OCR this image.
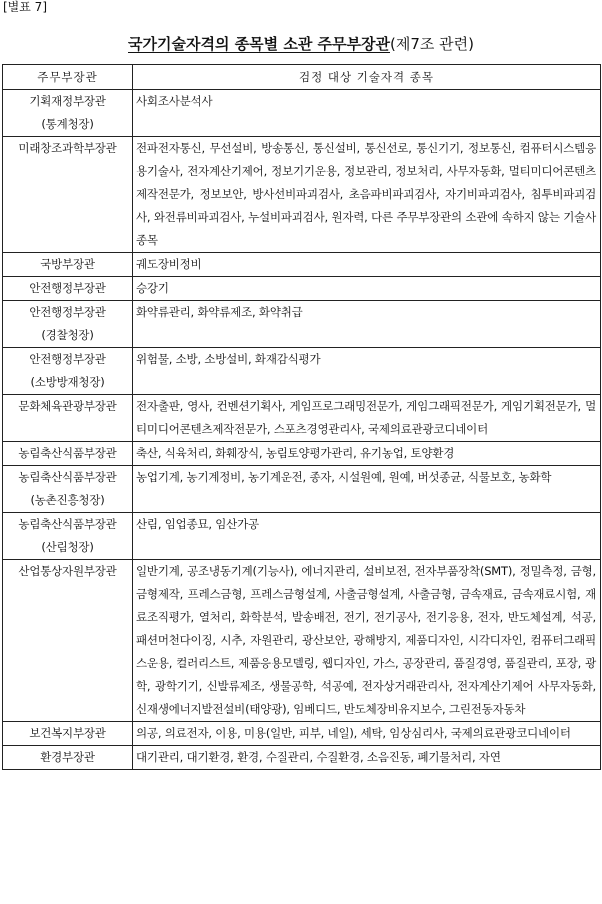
[별표 7]
국가기술자격의 종목별 소관 주무부장관(제7조 관련)
주무부장관	검정 대상 기술자격 종목

기획재정부장관
(통계청장)	사회조사분석사

미래창조과학부장관	전파전자통신, 무선설비, 방송통신, 통신설비, 통신선로, 통신기기, 정보통신, 컴퓨터시스템응용기술사, 전자계산기제어, 정보기기운용, 정보관리, 정보처리, 사무자동화, 멀티미디어콘텐츠제작전문가, 정보보안, 방사선비파괴검사, 초음파비파괴검사, 자기비파괴검사, 침투비파괴검사, 와전류비파괴검사, 누설비파괴검사, 원자력, 다른 주무부장관의 소관에 속하지 않는 기술사 종목

국방부장관	궤도장비정비

안전행정부장관	승강기

안전행정부장관
(경찰청장)	화약류관리, 화약류제조, 화약취급

안전행정부장관
(소방방재청장)	위험물, 소방, 소방설비, 화재감식평가

문화체육관광부장관	전자출판, 영사, 컨벤션기획사, 게임프로그래밍전문가, 게임그래픽전문가, 게임기획전문가, 멀티미디어콘텐츠제작전문가, 스포츠경영관리사, 국제의료관광코디네이터

농림축산식품부장관	축산, 식육처리, 화훼장식, 농림토양평가관리, 유기농업, 토양환경

농림축산식품부장관
(농촌진흥청장)	농업기계, 농기계정비, 농기계운전, 종자, 시설원예, 원예, 버섯종균, 식물보호, 농화학

농림축산식품부장관
(산림청장)	산림, 임업종묘, 임산가공

산업통상자원부장관	일반기계, 공조냉동기계(기능사), 에너지관리, 설비보전, 전자부품장착(SMT), 정밀측정, 금형, 금형제작, 프레스금형, 프레스금형설계, 사출금형설계, 사출금형, 금속재료, 금속재료시험, 재료조직평가, 열처리, 화학분석, 발송배전, 전기, 전기공사, 전기응용, 전자, 반도체설계, 석공, 패션머천다이징, 시추, 자원관리, 광산보안, 광해방지, 제품디자인, 시각디자인, 컴퓨터그래픽스운용, 컬러리스트, 제품응용모델링, 웹디자인, 가스, 공장관리, 품질경영, 품질관리, 포장, 광학, 광학기기, 신발류제조, 생물공학, 석공예, 전자상거래관리사, 전자계산기제어 사무자동화, 신재생에너지발전설비(태양광), 임베디드, 반도체장비유지보수, 그린전동자동차

보건복지부장관	의공, 의료전자, 이용, 미용(일반, 피부, 네일), 세탁, 임상심리사, 국제의료관광코디네이터

환경부장관	대기관리, 대기환경, 환경, 수질관리, 수질환경, 소음진동, 폐기물처리, 자연
